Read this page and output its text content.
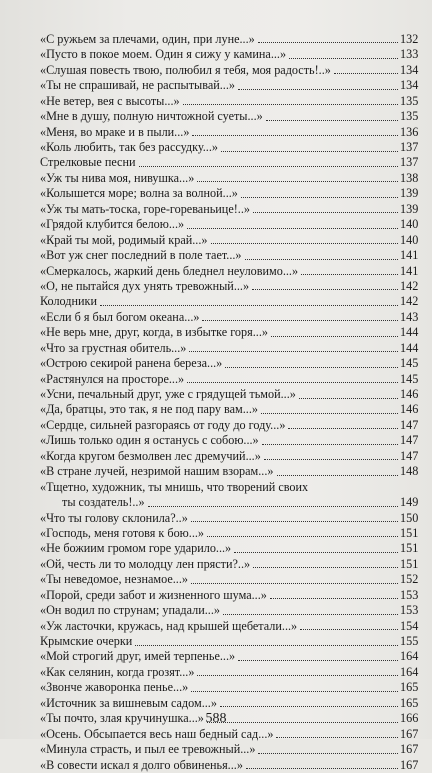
«С ружьем за плечами, один, при луне...»	132
«Пусто в покое моем. Один я сижу у камина...»	133
«Слушая повесть твою, полюбил я тебя, моя радость!..»	134
«Ты не спрашивай, не распытывай...»	134
«Не ветер, вея с высоты...»	135
«Мне в душу, полную ничтожной суеты...»	135
«Меня, во мраке и в пыли...»	136
«Коль любить, так без рассудку...»	137
Стрелковые песни	137
«Уж ты нива моя, нивушка...»	138
«Колышется море; волна за волной...»	139
«Уж ты мать-тоска, горе-гореваньице!..»	139
«Грядой клубится белою...»	140
«Край ты мой, родимый край...»	140
«Вот уж снег последний в поле тает...»	141
«Смеркалось, жаркий день бледнел неуловимо...»	141
«О, не пытайся дух унять тревожный...»	142
Колодники	142
«Если б я был богом океана...»	143
«Не верь мне, друг, когда, в избытке горя...»	144
«Что за грустная обитель...»	144
«Острою секирой ранена береза...»	145
«Растянулся на просторе...»	145
«Усни, печальный друг, уже с грядущей тьмой...»	146
«Да, братцы, это так, я не под пару вам...»	146
«Сердце, сильней разгораясь от году до году...»	147
«Лишь только один я останусь с собою...»	147
«Когда кругом безмолвен лес дремучий...»	147
«В стране лучей, незримой нашим взорам...»	148
«Тщетно, художник, ты мнишь, что творений своих
ты создатель!..»	149
«Что ты голову склонила?..»	150
«Господь, меня готовя к бою...»	151
«Не божиим громом горе ударило...»	151
«Ой, честь ли то молодцу лен прясти?..»	151
«Ты неведомое, незнамое...»	152
«Порой, среди забот и жизненного шума...»	153
«Он водил по струнам; упадали...»	153
«Уж ласточки, кружась, над крышей щебетали...»	154
Крымские очерки	155
«Мой строгий друг, имей терпенье...»	164
«Как селянин, когда грозят...»	164
«Звонче жаворонка пенье...»	165
«Источник за вишневым садом...»	165
«Ты почто, злая кручинушка...»	166
«Осень. Обсыпается весь наш бедный сад...»	167
«Минула страсть, и пыл ее тревожный...»	167
«В совести искал я долго обвиненья...»	167
588
